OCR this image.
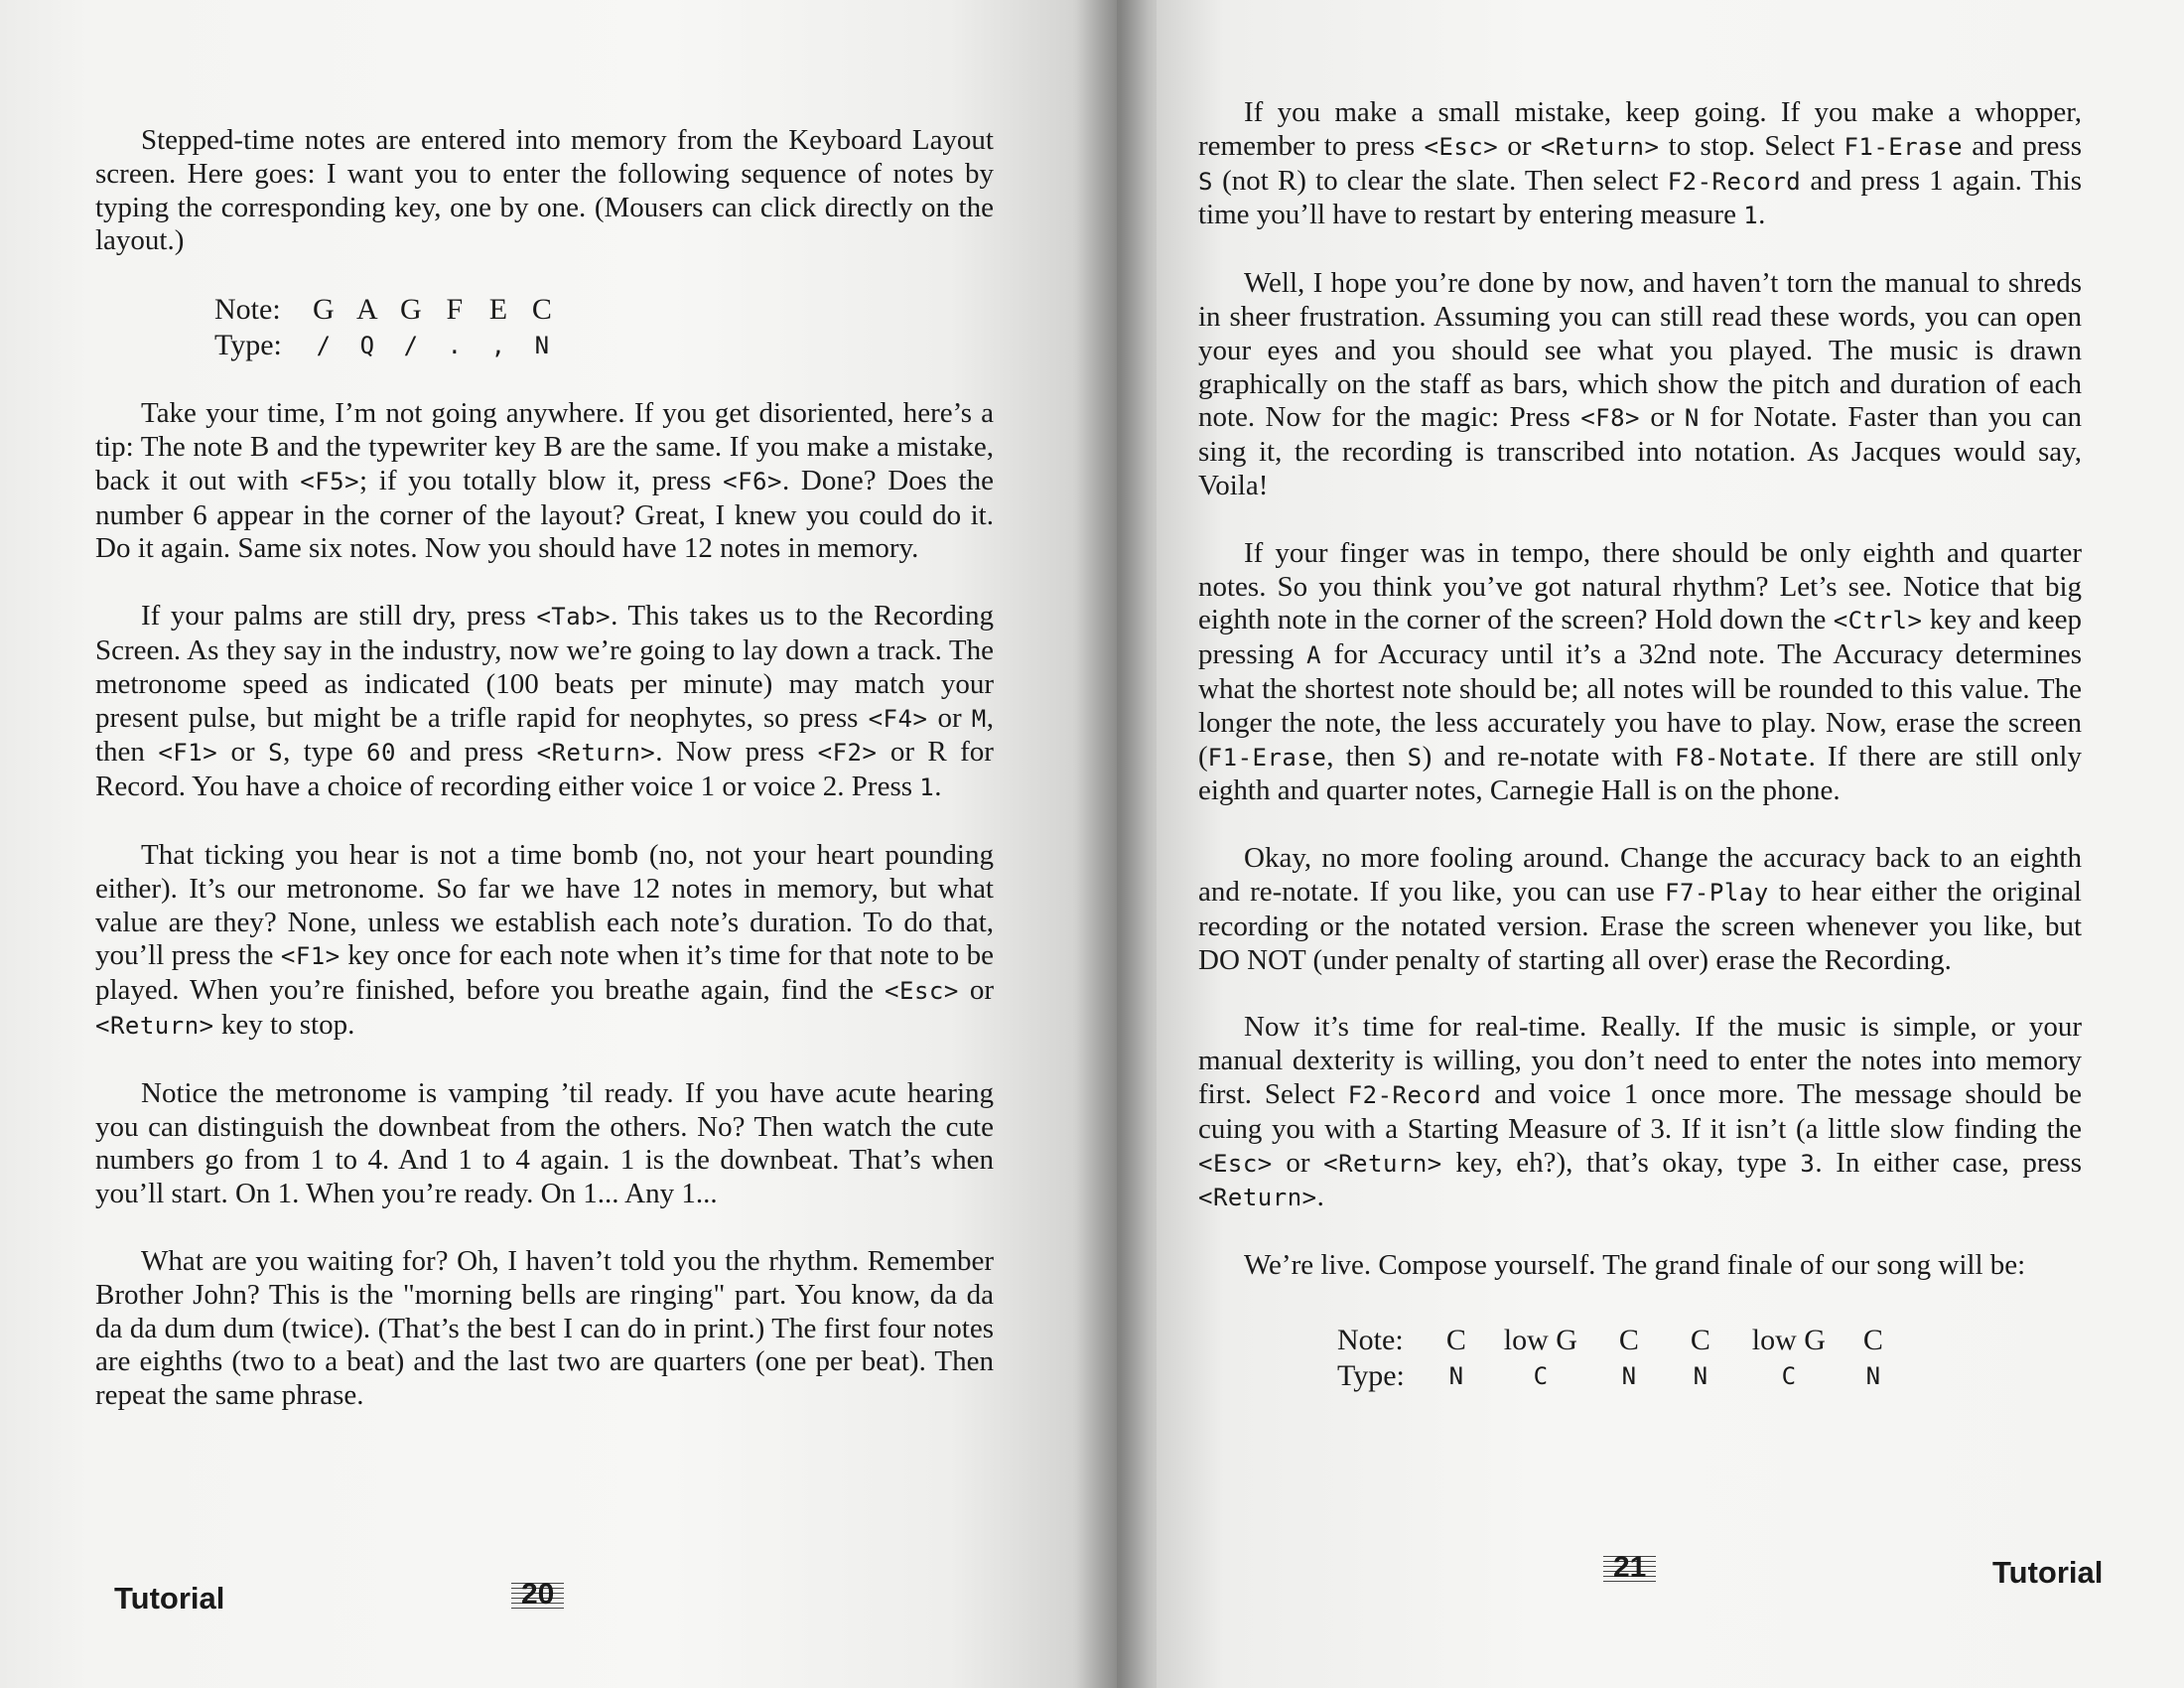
Stepped-time notes are entered into memory from the Keyboard Layout screen. Here goes: I want you to enter the following sequence of notes by typing the corresponding key, one by one. (Mousers can click directly on the layout.)

Note:	G	A	G	F	E	C
Type:	/	Q	/	.	,	N

Take your time, I’m not going anywhere. If you get disoriented, here’s a tip: The note B and the typewriter key B are the same. If you make a mistake, back it out with <F5>; if you totally blow it, press <F6>. Done? Does the number 6 appear in the corner of the layout? Great, I knew you could do it. Do it again. Same six notes. Now you should have 12 notes in memory.

If your palms are still dry, press <Tab>. This takes us to the Recording Screen. As they say in the industry, now we’re going to lay down a track. The metronome speed as indicated (100 beats per minute) may match your present pulse, but might be a trifle rapid for neophytes, so press <F4> or M, then <F1> or S, type 60 and press <Return>. Now press <F2> or R for Record. You have a choice of recording either voice 1 or voice 2. Press 1.

That ticking you hear is not a time bomb (no, not your heart pounding either). It’s our metronome. So far we have 12 notes in memory, but what value are they? None, unless we establish each note’s duration. To do that, you’ll press the <F1> key once for each note when it’s time for that note to be played. When you’re finished, before you breathe again, find the <Esc> or <Return> key to stop.

Notice the metronome is vamping ’til ready. If you have acute hearing you can distinguish the downbeat from the others. No? Then watch the cute numbers go from 1 to 4. And 1 to 4 again. 1 is the downbeat. That’s when you’ll start. On 1. When you’re ready. On 1... Any 1...

What are you waiting for? Oh, I haven’t told you the rhythm. Remember Brother John? This is the "morning bells are ringing" part. You know, da da da da dum dum (twice). (That’s the best I can do in print.) The first four notes are eighths (two to a beat) and the last two are quarters (one per beat). Then repeat the same phrase.

Tutorial	20

If you make a small mistake, keep going. If you make a whopper, remember to press <Esc> or <Return> to stop. Select F1-Erase and press S (not R) to clear the slate. Then select F2-Record and press 1 again. This time you’ll have to restart by entering measure 1.

Well, I hope you’re done by now, and haven’t torn the manual to shreds in sheer frustration. Assuming you can still read these words, you can open your eyes and you should see what you played. The music is drawn graphically on the staff as bars, which show the pitch and duration of each note. Now for the magic: Press <F8> or N for Notate. Faster than you can sing it, the recording is transcribed into notation. As Jacques would say, Voila!

If your finger was in tempo, there should be only eighth and quarter notes. So you think you’ve got natural rhythm? Let’s see. Notice that big eighth note in the corner of the screen? Hold down the <Ctrl> key and keep pressing A for Accuracy until it’s a 32nd note. The Accuracy determines what the shortest note should be; all notes will be rounded to this value. The longer the note, the less accurately you have to play. Now, erase the screen (F1-Erase, then S) and re-notate with F8-Notate. If there are still only eighth and quarter notes, Carnegie Hall is on the phone.

Okay, no more fooling around. Change the accuracy back to an eighth and re-notate. If you like, you can use F7-Play to hear either the original recording or the notated version. Erase the screen whenever you like, but DO NOT (under penalty of starting all over) erase the Recording.

Now it’s time for real-time. Really. If the music is simple, or your manual dexterity is willing, you don’t need to enter the notes into memory first. Select F2-Record and voice 1 once more. The message should be cuing you with a Starting Measure of 3. If it isn’t (a little slow finding the <Esc> or <Return> key, eh?), that’s okay, type 3. In either case, press <Return>.

We’re live. Compose yourself. The grand finale of our song will be:

Note:	C	low G	C	C	low G	C
Type:	N	C	N	N	C	N
21	Tutorial
